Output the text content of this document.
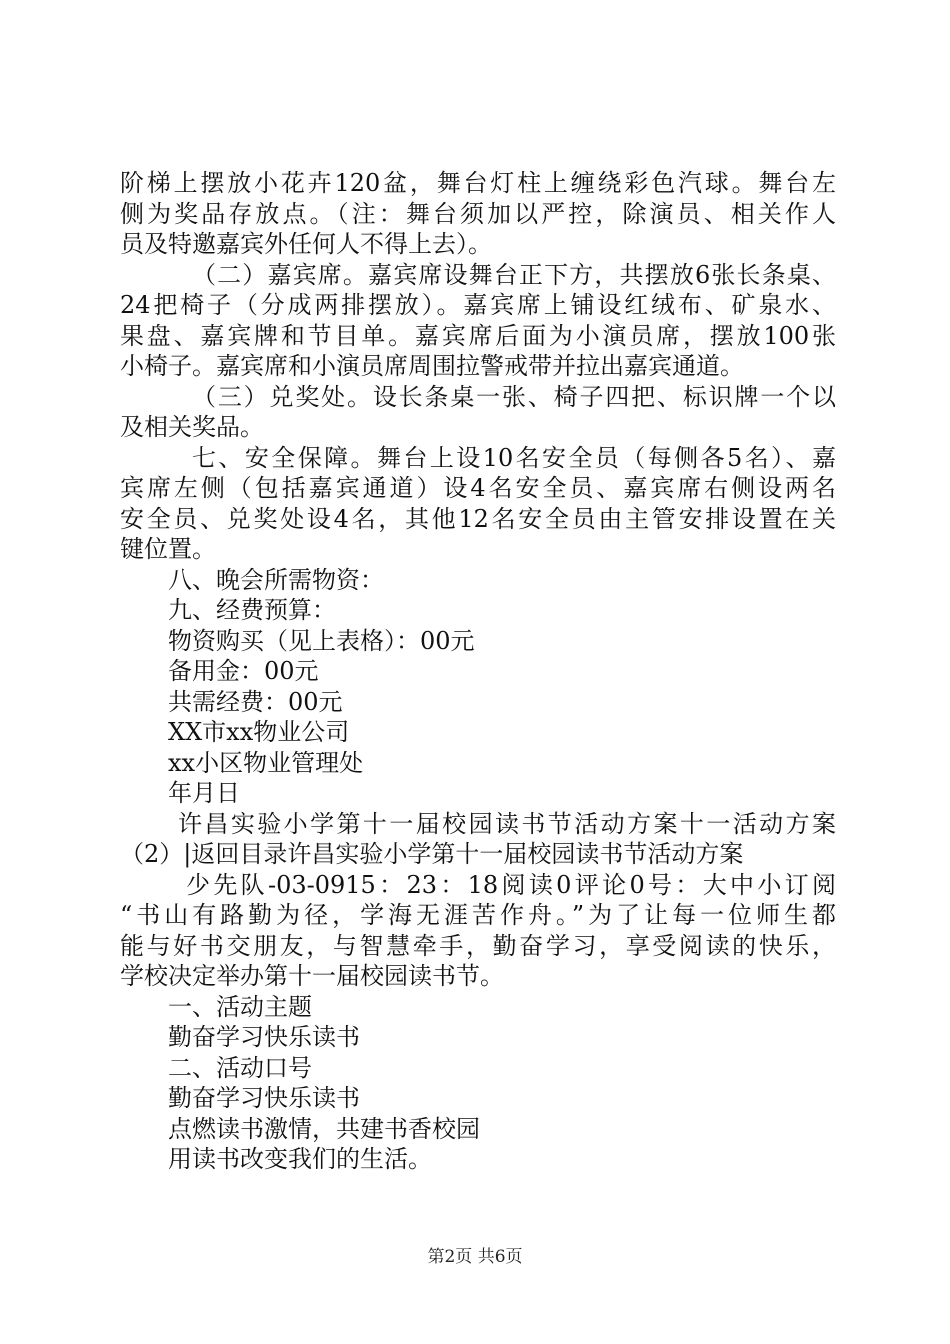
阶梯上摆放小花卉120盆，舞台灯柱上缠绕彩色汽球。舞台左
侧为奖品存放点。（注：舞台须加以严控，除演员、相关作人
员及特邀嘉宾外任何人不得上去）。
（二）嘉宾席。嘉宾席设舞台正下方，共摆放6张长条桌、
24把椅子（分成两排摆放）。嘉宾席上铺设红绒布、矿泉水、
果盘、嘉宾牌和节目单。嘉宾席后面为小演员席，摆放100张
小椅子。嘉宾席和小演员席周围拉警戒带并拉出嘉宾通道。
（三）兑奖处。设长条桌一张、椅子四把、标识牌一个以
及相关奖品。
七、安全保障。舞台上设10名安全员（每侧各5名）、嘉
宾席左侧（包括嘉宾通道）设4名安全员、嘉宾席右侧设两名
安全员、兑奖处设4名，其他12名安全员由主管安排设置在关
键位置。
八、晚会所需物资：
九、经费预算：
物资购买（见上表格）：00元
备用金：00元
共需经费：00元
XX市xx物业公司
xx小区物业管理处
年月日
许昌实验小学第十一届校园读书节活动方案十一活动方案
（2）|返回目录许昌实验小学第十一届校园读书节活动方案
少先队-03-0915：23：18阅读0评论0号：大中小订阅
“书山有路勤为径，学海无涯苦作舟。”为了让每一位师生都
能与好书交朋友，与智慧牵手，勤奋学习，享受阅读的快乐，
学校决定举办第十一届校园读书节。
一、活动主题
勤奋学习快乐读书
二、活动口号
勤奋学习快乐读书
点燃读书激情，共建书香校园
用读书改变我们的生活。
第2页 共6页
